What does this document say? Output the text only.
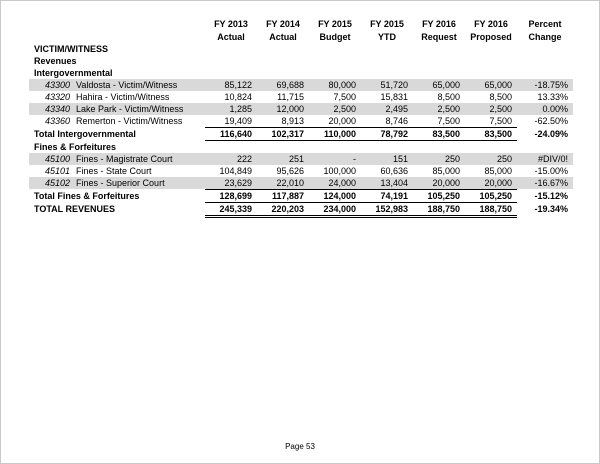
	FY 2013	FY 2014	FY 2015	FY 2015	FY 2016	FY 2016	Percent
	Actual	Actual	Budget	YTD	Request	Proposed	Change
VICTIM/WITNESS							
Revenues							
Intergovernmental							
43300 Valdosta - Victim/Witness	85,122	69,688	80,000	51,720	65,000	65,000	-18.75%
43320 Hahira - Victim/Witness	10,824	11,715	7,500	15,831	8,500	8,500	13.33%
43340 Lake Park - Victim/Witness	1,285	12,000	2,500	2,495	2,500	2,500	0.00%
43360 Remerton - Victim/Witness	19,409	8,913	20,000	8,746	7,500	7,500	-62.50%
Total Intergovernmental	116,640	102,317	110,000	78,792	83,500	83,500	-24.09%
Fines & Forfeitures							
45100 Fines - Magistrate Court	222	251	-	151	250	250	#DIV/0!
45101 Fines - State Court	104,849	95,626	100,000	60,636	85,000	85,000	-15.00%
45102 Fines - Superior Court	23,629	22,010	24,000	13,404	20,000	20,000	-16.67%
Total Fines & Forfeitures	128,699	117,887	124,000	74,191	105,250	105,250	-15.12%
TOTAL REVENUES	245,339	220,203	234,000	152,983	188,750	188,750	-19.34%
Page 53
